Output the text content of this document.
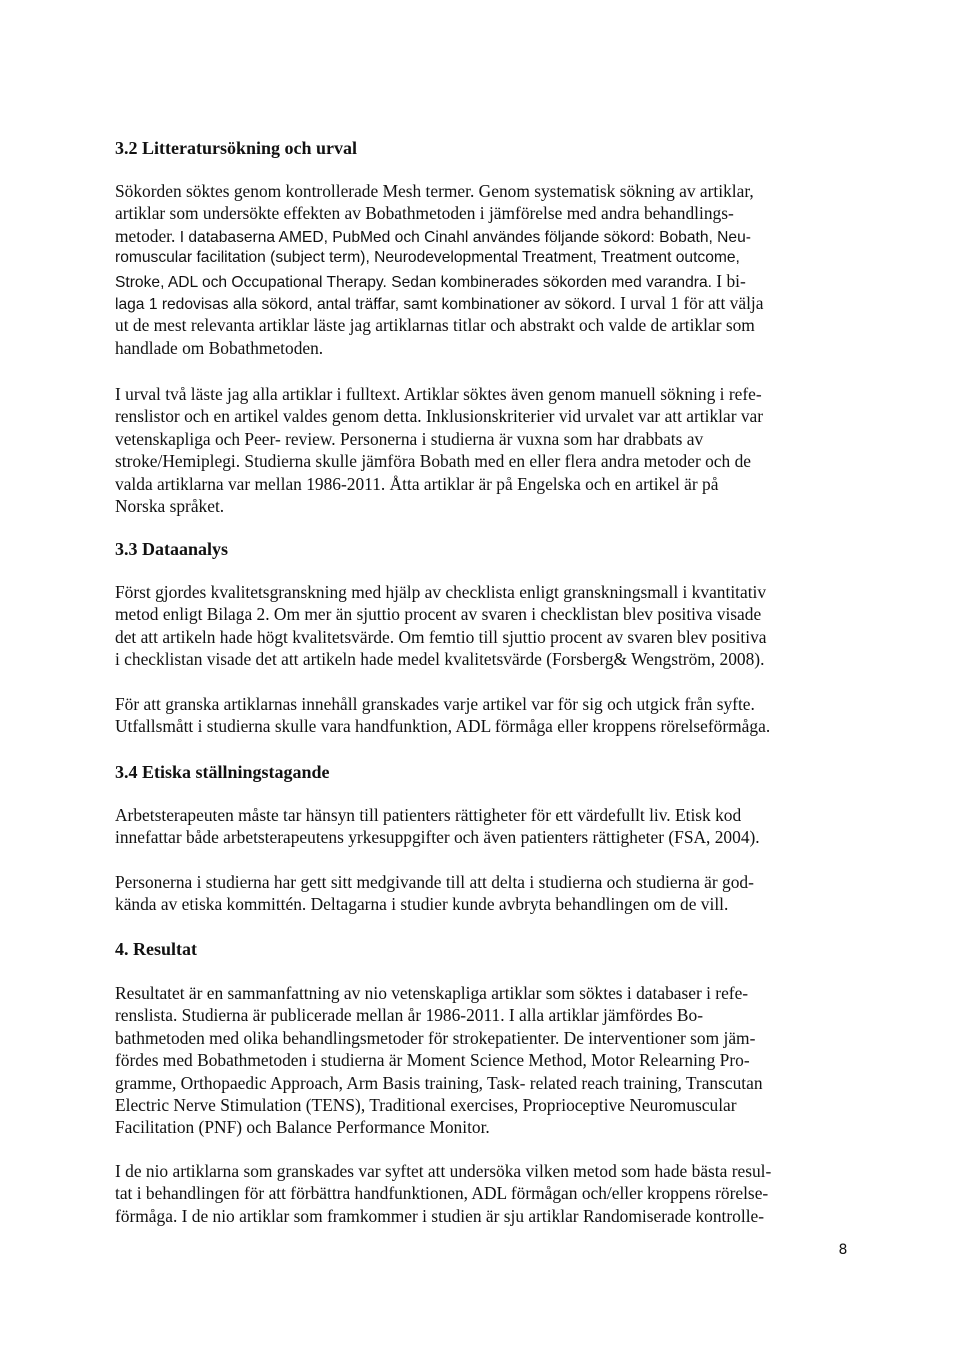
3.2 Litteratursökning och urval
Sökorden söktes genom kontrollerade Mesh termer. Genom systematisk sökning av artiklar,
artiklar som undersökte effekten av Bobathmetoden i jämförelse med andra behandlings-
metoder. I databaserna AMED, PubMed och Cinahl användes följande sökord: Bobath, Neu-
romuscular facilitation (subject term), Neurodevelopmental Treatment, Treatment outcome,
Stroke, ADL och Occupational Therapy. Sedan kombinerades sökorden med varandra. I bi-
laga 1 redovisas alla sökord, antal träffar, samt kombinationer av sökord. I urval 1 för att välja
ut de mest relevanta artiklar läste jag artiklarnas titlar och abstrakt och valde de artiklar som
handlade om Bobathmetoden.
I urval två läste jag alla artiklar i fulltext. Artiklar söktes även genom manuell sökning i refe-
renslistor och en artikel valdes genom detta. Inklusionskriterier vid urvalet var att artiklar var
vetenskapliga och Peer- review. Personerna i studierna är vuxna som har drabbats av
stroke/Hemiplegi. Studierna skulle jämföra Bobath med en eller flera andra metoder och de
valda artiklarna var mellan 1986-2011. Åtta artiklar är på Engelska och en artikel är på
Norska språket.
3.3 Dataanalys
Först gjordes kvalitetsgranskning med hjälp av checklista enligt granskningsmall i kvantitativ
metod enligt Bilaga 2. Om mer än sjuttio procent av svaren i checklistan blev positiva visade
det att artikeln hade högt kvalitetsvärde. Om femtio till sjuttio procent av svaren blev positiva
i checklistan visade det att artikeln hade medel kvalitetsvärde (Forsberg& Wengström, 2008).
För att granska artiklarnas innehåll granskades varje artikel var för sig och utgick från syfte.
Utfallsmått i studierna skulle vara handfunktion, ADL förmåga eller kroppens rörelseförmåga.
3.4 Etiska ställningstagande
Arbetsterapeuten måste tar hänsyn till patienters rättigheter för ett värdefullt liv. Etisk kod
innefattar både arbetsterapeutens yrkesuppgifter och även patienters rättigheter (FSA, 2004).
Personerna i studierna har gett sitt medgivande till att delta i studierna och studierna är god-
kända av etiska kommittén. Deltagarna i studier kunde avbryta behandlingen om de vill.
4. Resultat
Resultatet är en sammanfattning av nio vetenskapliga artiklar som söktes i databaser i refe-
renslista. Studierna är publicerade mellan år 1986-2011. I alla artiklar jämfördes Bo-
bathmetoden med olika behandlingsmetoder för strokepatienter. De interventioner som jäm-
fördes med Bobathmetoden i studierna är Moment Science Method, Motor Relearning Pro-
gramme, Orthopaedic Approach, Arm Basis training, Task- related reach training, Transcutan
Electric Nerve Stimulation (TENS), Traditional exercises, Proprioceptive Neuromuscular
Facilitation (PNF) och Balance Performance Monitor.
I de nio artiklarna som granskades var syftet att undersöka vilken metod som hade bästa resul-
tat i behandlingen för att förbättra handfunktionen, ADL förmågan och/eller kroppens rörelse-
förmåga. I de nio artiklar som framkommer i studien är sju artiklar Randomiserade kontrolle-
8
